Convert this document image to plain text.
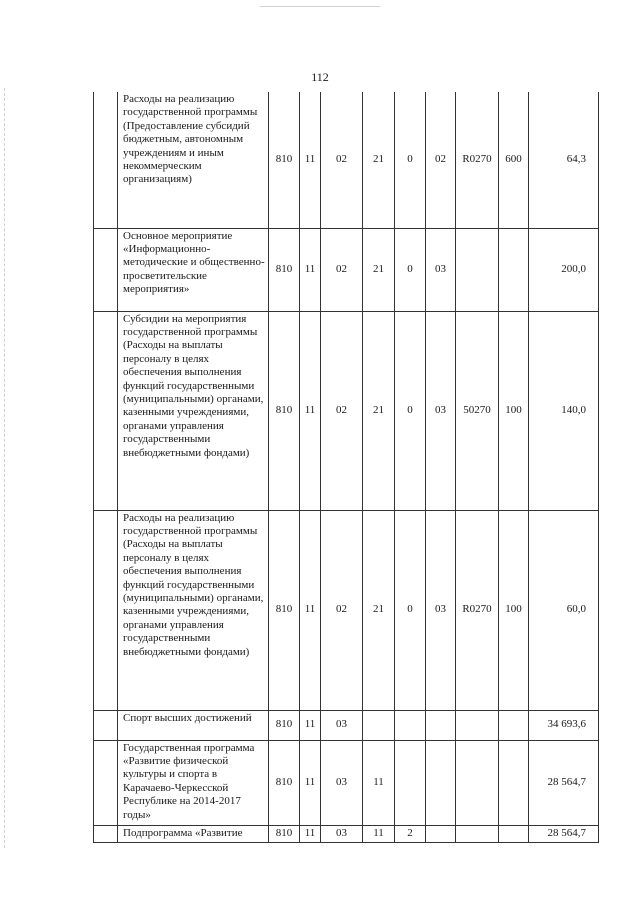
112
	Расходы на реализацию государственной программы (Предоставление субсидий бюджетным, автономным учреждениям и иным некоммерческим организациям)	810	11	02	21	0	02	R0270	600	64,3
	Основное мероприятие «Информационно-методические и общественно-просветительские мероприятия»	810	11	02	21	0	03			200,0
	Субсидии на мероприятия государственной программы (Расходы на выплаты персоналу в целях обеспечения выполнения функций государственными (муниципальными) органами, казенными учреждениями, органами управления государственными внебюджетными фондами)	810	11	02	21	0	03	50270	100	140,0
	Расходы на реализацию государственной программы (Расходы на выплаты персоналу в целях обеспечения выполнения функций государственными (муниципальными) органами, казенными учреждениями, органами управления государственными внебюджетными фондами)	810	11	02	21	0	03	R0270	100	60,0
	Спорт высших достижений	810	11	03						34 693,6
	Государственная программа «Развитие физической культуры и спорта в Карачаево-Черкесской Республике на 2014-2017 годы»	810	11	03	11					28 564,7
	Подпрограмма «Развитие	810	11	03	11	2				28 564,7
